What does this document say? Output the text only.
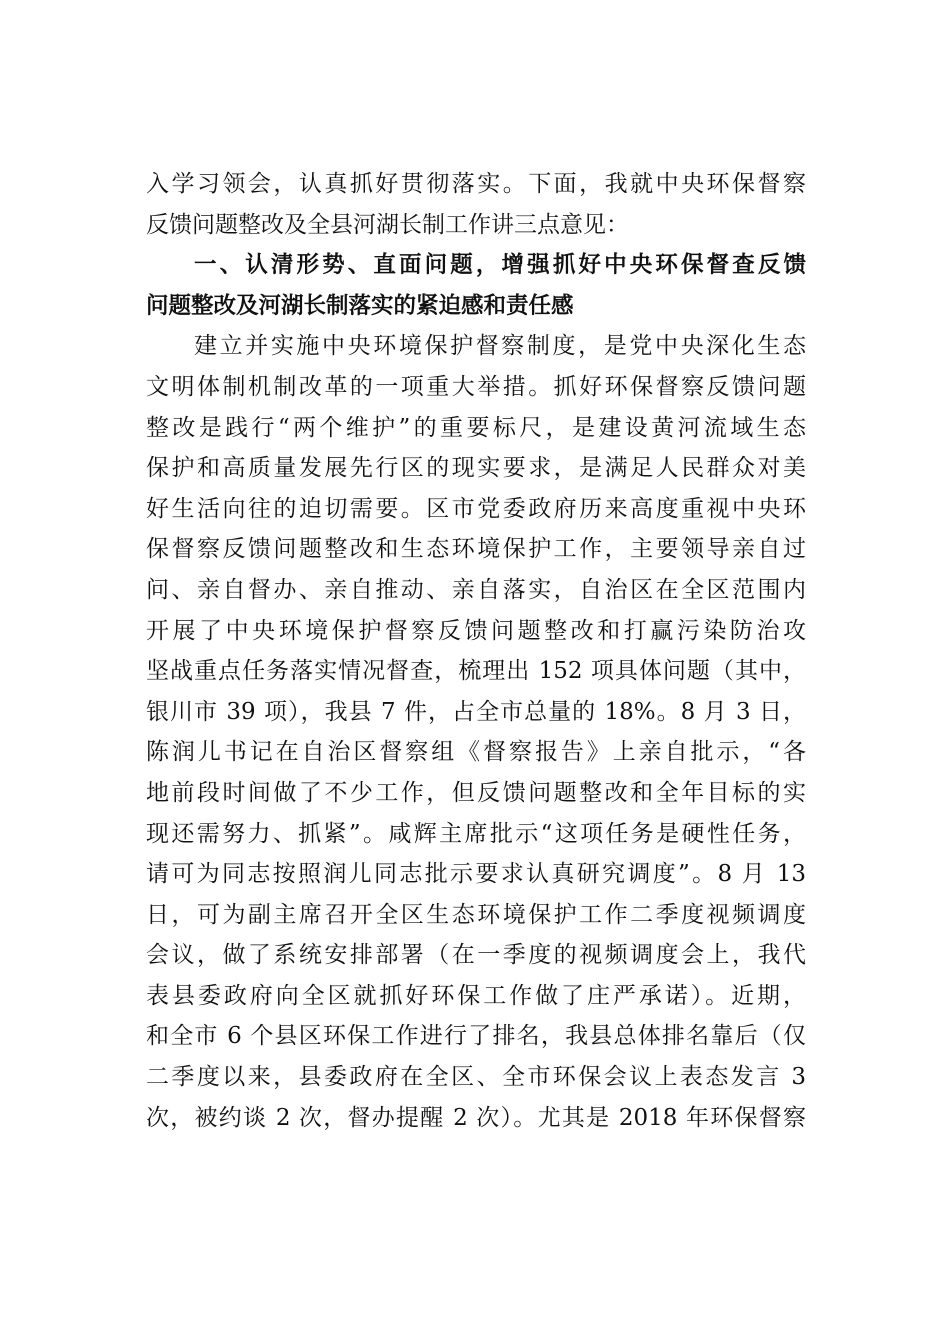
入学习领会，认真抓好贯彻落实。下面，我就中央环保督察
反馈问题整改及全县河湖长制工作讲三点意见：
一、认清形势、直面问题，增强抓好中央环保督查反馈
问题整改及河湖长制落实的紧迫感和责任感
建立并实施中央环境保护督察制度，是党中央深化生态
文明体制机制改革的一项重大举措。抓好环保督察反馈问题
整改是践行“两个维护”的重要标尺，是建设黄河流域生态
保护和高质量发展先行区的现实要求，是满足人民群众对美
好生活向往的迫切需要。区市党委政府历来高度重视中央环
保督察反馈问题整改和生态环境保护工作，主要领导亲自过
问、亲自督办、亲自推动、亲自落实，自治区在全区范围内
开展了中央环境保护督察反馈问题整改和打赢污染防治攻
坚战重点任务落实情况督查，梳理出 152 项具体问题（其中，
银川市 39 项），我县 7 件，占全市总量的 18%。8 月 3 日，
陈润儿书记在自治区督察组《督察报告》上亲自批示，“各
地前段时间做了不少工作，但反馈问题整改和全年目标的实
现还需努力、抓紧”。咸辉主席批示“这项任务是硬性任务，
请可为同志按照润儿同志批示要求认真研究调度”。8 月 13
日，可为副主席召开全区生态环境保护工作二季度视频调度
会议，做了系统安排部署（在一季度的视频调度会上，我代
表县委政府向全区就抓好环保工作做了庄严承诺）。近期，
和全市 6 个县区环保工作进行了排名，我县总体排名靠后（仅
二季度以来，县委政府在全区、全市环保会议上表态发言 3
次，被约谈 2 次，督办提醒 2 次）。尤其是 2018 年环保督察
